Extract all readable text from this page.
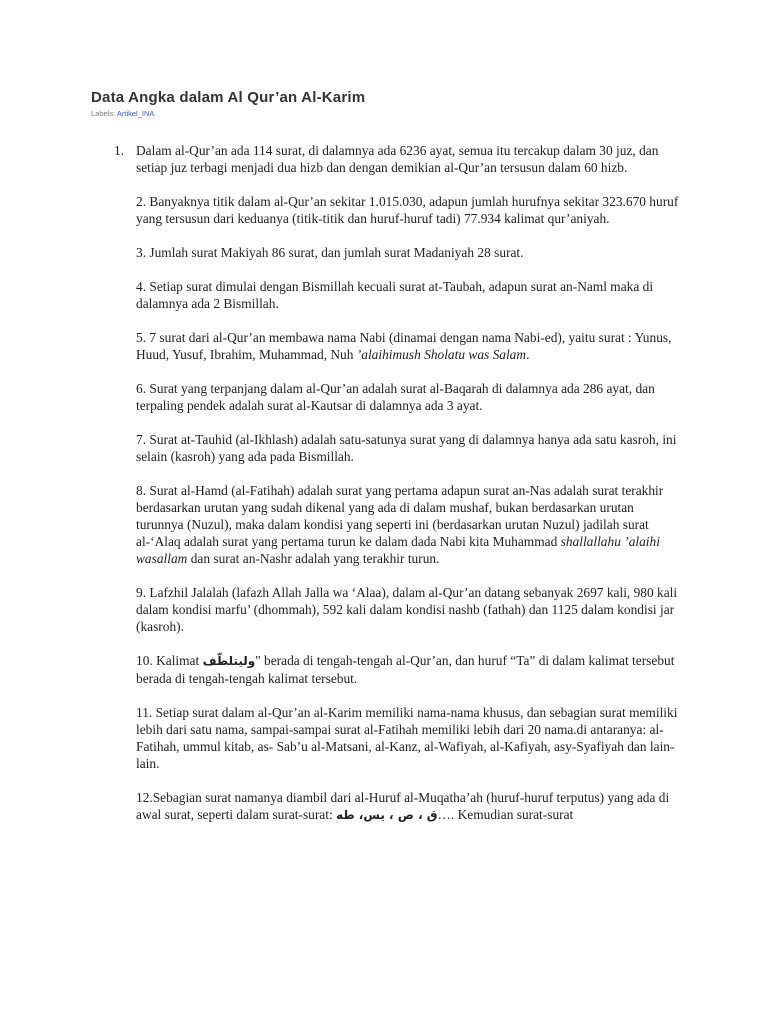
Data Angka dalam Al Qur’an Al-Karim
Labels: Artikel_INA
1. Dalam al-Qur’an ada 114 surat, di dalamnya ada 6236 ayat, semua itu tercakup dalam 30 juz, dan setiap juz terbagi menjadi dua hizb dan dengan demikian al-Qur’an tersusun dalam 60 hizb.

2. Banyaknya titik dalam al-Qur’an sekitar 1.015.030, adapun jumlah hurufnya sekitar 323.670 huruf yang tersusun dari keduanya (titik-titik dan huruf-huruf tadi) 77.934 kalimat qur’aniyah.

3. Jumlah surat Makiyah 86 surat, dan jumlah surat Madaniyah 28 surat.

4. Setiap surat dimulai dengan Bismillah kecuali surat at-Taubah, adapun surat an-Naml maka di dalamnya ada 2 Bismillah.

5. 7 surat dari al-Qur’an membawa nama Nabi (dinamai dengan nama Nabi-ed), yaitu surat : Yunus, Huud, Yusuf, Ibrahim, Muhammad, Nuh ’alaihimush Sholatu was Salam.

6. Surat yang terpanjang dalam al-Qur’an adalah surat al-Baqarah di dalamnya ada 286 ayat, dan terpaling pendek adalah surat al-Kautsar di dalamnya ada 3 ayat.

7. Surat at-Tauhid (al-Ikhlash) adalah satu-satunya surat yang di dalamnya hanya ada satu kasroh, ini selain (kasroh) yang ada pada Bismillah.

8. Surat al-Hamd (al-Fatihah) adalah surat yang pertama adapun surat an-Nas adalah surat terakhir berdasarkan urutan yang sudah dikenal yang ada di dalam mushaf, bukan berdasarkan urutan turunnya (Nuzul), maka dalam kondisi yang seperti ini (berdasarkan urutan Nuzul) jadilah surat al-‘Alaq adalah surat yang pertama turun ke dalam dada Nabi kita Muhammad shallallahu ’alaihi wasallam dan surat an-Nashr adalah yang terakhir turun.

9. Lafzhil Jalalah (lafazh Allah Jalla wa ‘Alaa), dalam al-Qur’an datang sebanyak 2697 kali, 980 kali dalam kondisi marfu’ (dhommah), 592 kali dalam kondisi nashb (fathah) dan 1125 dalam kondisi jar (kasroh).

10. Kalimat وليتلطّف" berada di tengah-tengah al-Qur’an, dan huruf “Ta” di dalam kalimat tersebut berada di tengah-tengah kalimat tersebut.

11. Setiap surat dalam al-Qur’an al-Karim memiliki nama-nama khusus, dan sebagian surat memiliki lebih dari satu nama, sampai-sampai surat al-Fatihah memiliki lebih dari 20 nama.di antaranya: al-Fatihah, ummul kitab, as- Sab’u al-Matsani, al-Kanz, al-Wafiyah, al-Kafiyah, asy-Syafiyah dan lain-lain.

12.Sebagian surat namanya diambil dari al-Huruf al-Muqatha’ah (huruf-huruf terputus) yang ada di awal surat, seperti dalam surat-surat: ق ، ص ، يس، طه…. Kemudian surat-surat
